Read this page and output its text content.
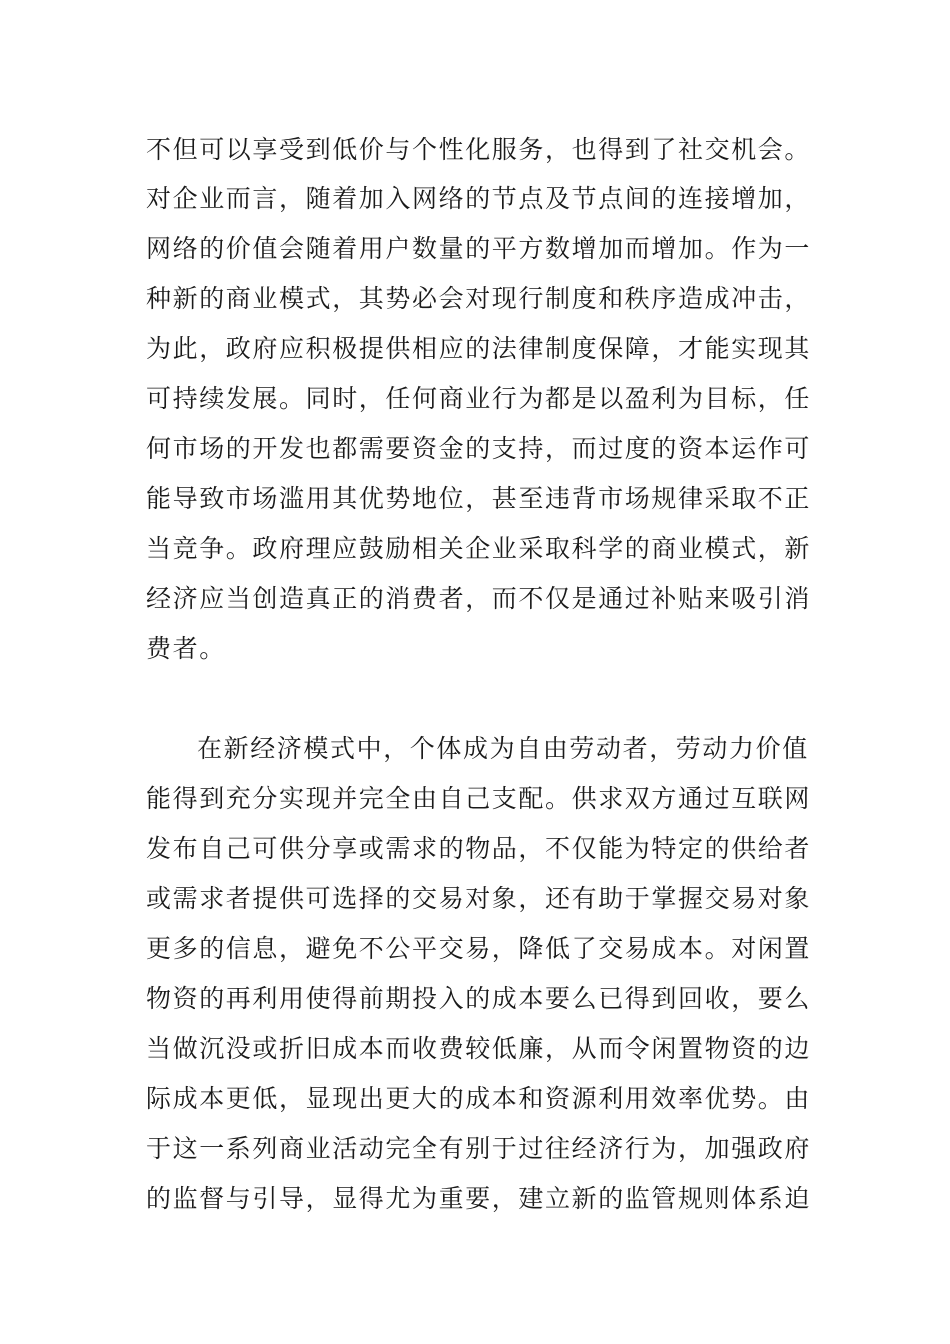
不但可以享受到低价与个性化服务，也得到了社交机会。
对企业而言，随着加入网络的节点及节点间的连接增加，
网络的价值会随着用户数量的平方数增加而增加。作为一
种新的商业模式，其势必会对现行制度和秩序造成冲击，
为此，政府应积极提供相应的法律制度保障，才能实现其
可持续发展。同时，任何商业行为都是以盈利为目标，任
何市场的开发也都需要资金的支持，而过度的资本运作可
能导致市场滥用其优势地位，甚至违背市场规律采取不正
当竞争。政府理应鼓励相关企业采取科学的商业模式，新
经济应当创造真正的消费者，而不仅是通过补贴来吸引消
费者。
在新经济模式中，个体成为自由劳动者，劳动力价值
能得到充分实现并完全由自己支配。供求双方通过互联网
发布自己可供分享或需求的物品，不仅能为特定的供给者
或需求者提供可选择的交易对象，还有助于掌握交易对象
更多的信息，避免不公平交易，降低了交易成本。对闲置
物资的再利用使得前期投入的成本要么已得到回收，要么
当做沉没或折旧成本而收费较低廉，从而令闲置物资的边
际成本更低，显现出更大的成本和资源利用效率优势。由
于这一系列商业活动完全有别于过往经济行为，加强政府
的监督与引导，显得尤为重要，建立新的监管规则体系迫
